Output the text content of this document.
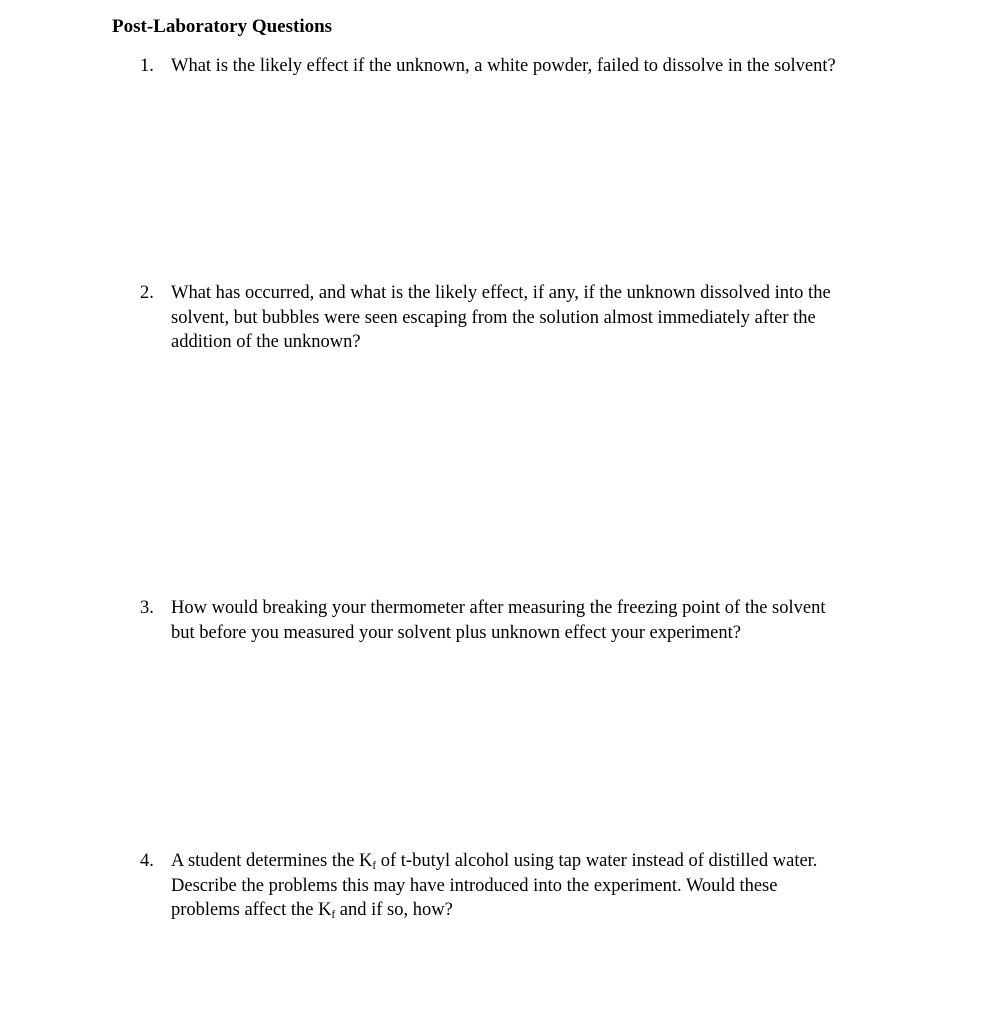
Post-Laboratory Questions
1. What is the likely effect if the unknown, a white powder, failed to dissolve in the solvent?
2. What has occurred, and what is the likely effect, if any, if the unknown dissolved into the
solvent, but bubbles were seen escaping from the solution almost immediately after the
addition of the unknown?
3. How would breaking your thermometer after measuring the freezing point of the solvent
but before you measured your solvent plus unknown effect your experiment?
4. A student determines the $K_f$ of t-butyl alcohol using tap water instead of distilled water.
Describe the problems this may have introduced into the experiment. Would these
problems affect the $K_f$ and if so, how?
